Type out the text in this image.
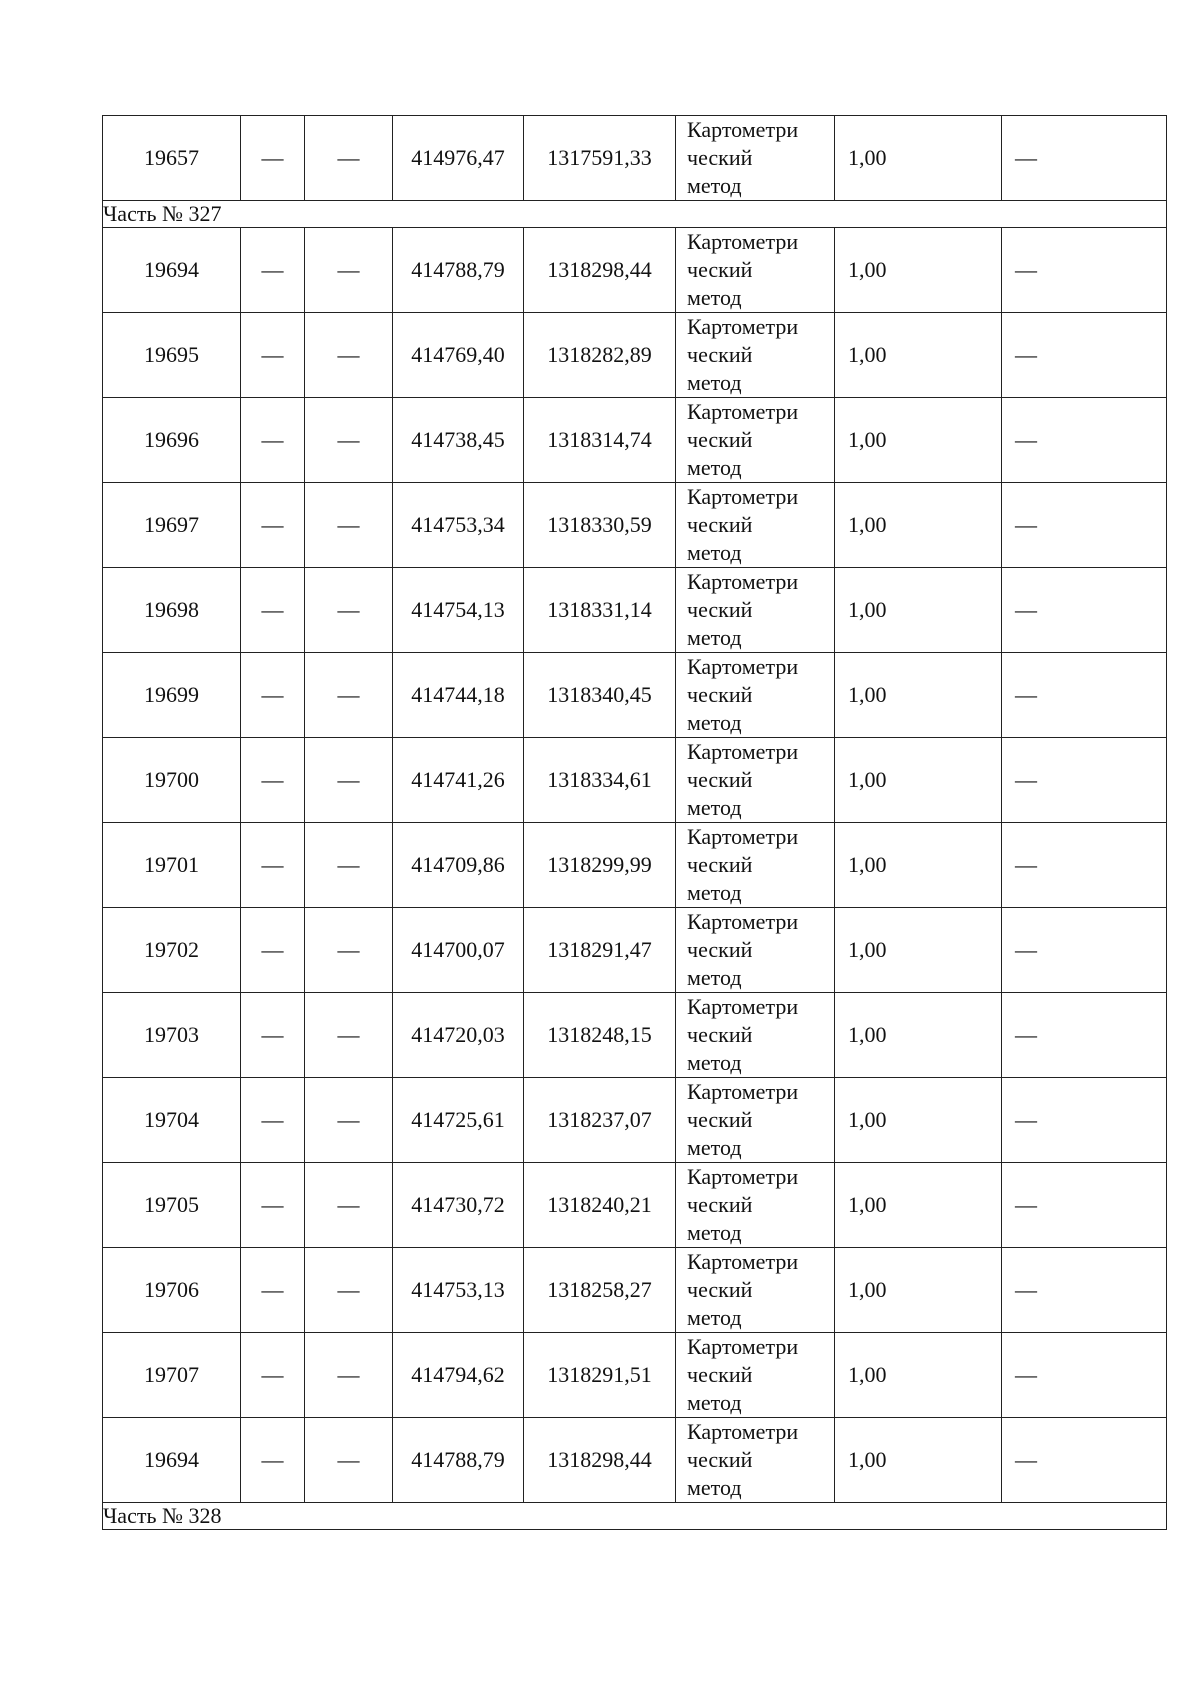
19657	—	—	414976,47	1317591,33	Картометри
ческий
метод	1,00	—
Часть № 327							
19694	—	—	414788,79	1318298,44	Картометри
ческий
метод	1,00	—
19695	—	—	414769,40	1318282,89	Картометри
ческий
метод	1,00	—
19696	—	—	414738,45	1318314,74	Картометри
ческий
метод	1,00	—
19697	—	—	414753,34	1318330,59	Картометри
ческий
метод	1,00	—
19698	—	—	414754,13	1318331,14	Картометри
ческий
метод	1,00	—
19699	—	—	414744,18	1318340,45	Картометри
ческий
метод	1,00	—
19700	—	—	414741,26	1318334,61	Картометри
ческий
метод	1,00	—
19701	—	—	414709,86	1318299,99	Картометри
ческий
метод	1,00	—
19702	—	—	414700,07	1318291,47	Картометри
ческий
метод	1,00	—
19703	—	—	414720,03	1318248,15	Картометри
ческий
метод	1,00	—
19704	—	—	414725,61	1318237,07	Картометри
ческий
метод	1,00	—
19705	—	—	414730,72	1318240,21	Картометри
ческий
метод	1,00	—
19706	—	—	414753,13	1318258,27	Картометри
ческий
метод	1,00	—
19707	—	—	414794,62	1318291,51	Картометри
ческий
метод	1,00	—
19694	—	—	414788,79	1318298,44	Картометри
ческий
метод	1,00	—
Часть № 328							
